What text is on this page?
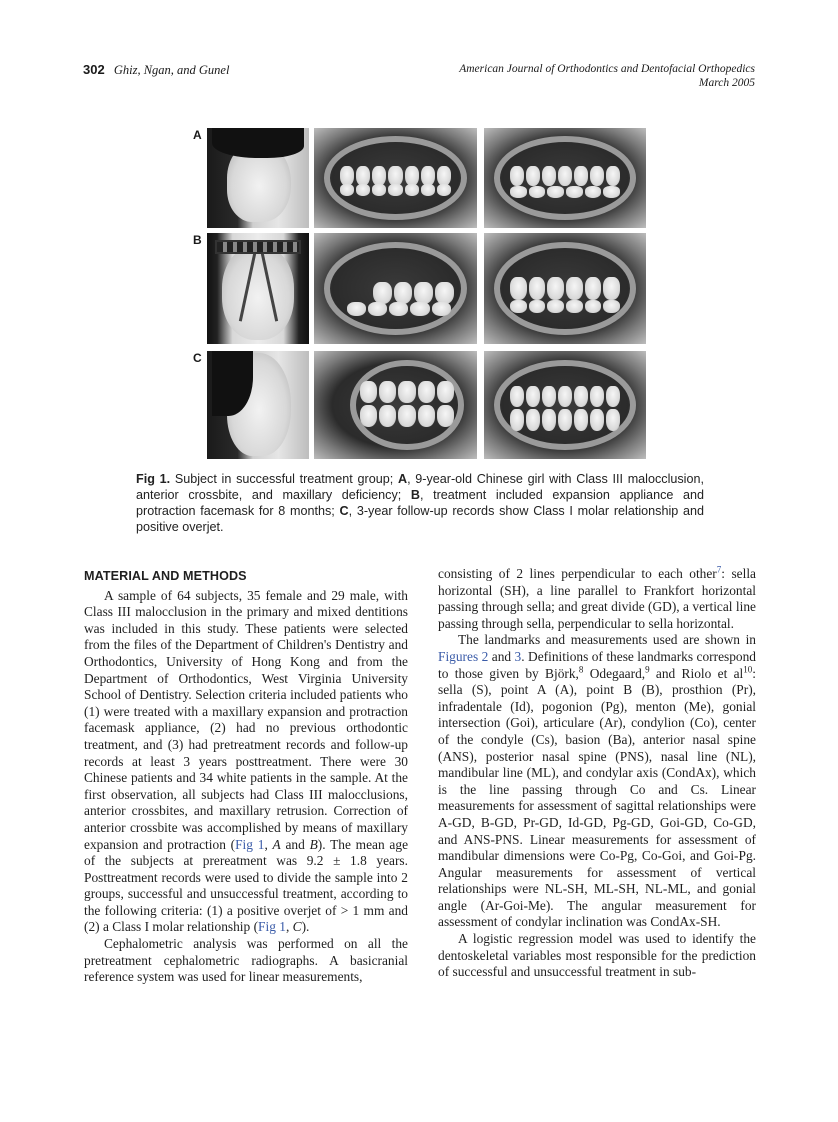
302 Ghiz, Ngan, and Gunel	American Journal of Orthodontics and Dentofacial Orthopedics
March 2005
A
B
C
Fig 1. Subject in successful treatment group; A, 9-year-old Chinese girl with Class III malocclusion, anterior crossbite, and maxillary deficiency; B, treatment included expansion appliance and protraction facemask for 8 months; C, 3-year follow-up records show Class I molar relationship and positive overjet.
MATERIAL AND METHODS

A sample of 64 subjects, 35 female and 29 male, with Class III malocclusion in the primary and mixed dentitions was included in this study. These patients were selected from the files of the Department of Children's Dentistry and Orthodontics, University of Hong Kong and from the Department of Orthodontics, West Virginia University School of Dentistry. Selection criteria included patients who (1) were treated with a maxillary expansion and protraction facemask appliance, (2) had no previous orthodontic treatment, and (3) had pretreatment records and follow-up records at least 3 years posttreatment. There were 30 Chinese patients and 34 white patients in the sample. At the first observation, all subjects had Class III malocclusions, anterior crossbites, and maxillary retrusion. Correction of anterior crossbite was accomplished by means of maxillary expansion and protraction (Fig 1, A and B). The mean age of the subjects at prereatment was 9.2 ± 1.8 years. Posttreatment records were used to divide the sample into 2 groups, successful and unsuccessful treatment, according to the following criteria: (1) a positive overjet of > 1 mm and (2) a Class I molar relationship (Fig 1, C).

Cephalometric analysis was performed on all the pretreatment cephalometric radiographs. A basicranial reference system was used for linear measurements,

consisting of 2 lines perpendicular to each other$^7$: sella horizontal (SH), a line parallel to Frankfort horizontal passing through sella; and great divide (GD), a vertical line passing through sella, perpendicular to sella horizontal.

The landmarks and measurements used are shown in Figures 2 and 3. Definitions of these landmarks correspond to those given by Björk,$^8$ Odegaard,$^9$ and Riolo et $al^{10}$: sella (S), point A (A), point B (B), prosthion (Pr), infradentale (Id), pogonion (Pg), menton (Me), gonial intersection (Goi), articulare (Ar), condylion (Co), center of the condyle (Cs), basion (Ba), anterior nasal spine (ANS), posterior nasal spine (PNS), nasal line (NL), mandibular line (ML), and condylar axis (CondAx), which is the line passing through Co and Cs. Linear measurements for assessment of sagittal relationships were A-GD, B-GD, Pr-GD, Id-GD, Pg-GD, Goi-GD, Co-GD, and ANS-PNS. Linear measurements for assessment of mandibular dimensions were Co-Pg, Co-Goi, and Goi-Pg. Angular measurements for assessment of vertical relationships were NL-SH, ML-SH, NL-ML, and gonial angle (Ar-Goi-Me). The angular measurement for assessment of condylar inclination was CondAx-SH.

A logistic regression model was used to identify the dentoskeletal variables most responsible for the prediction of successful and unsuccessful treatment in sub-
